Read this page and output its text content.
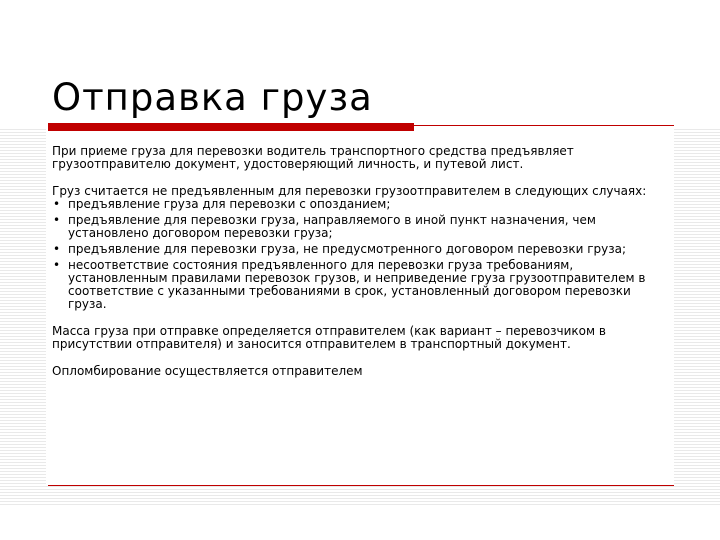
Отправка груза

При приеме груза для перевозки водитель транспортного средства предъявляет грузоотправителю документ, удостоверяющий личность, и путевой лист.

Груз считается не предъявленным для перевозки грузоотправителем в следующих случаях:

• предъявление груза для перевозки с опозданием;
• предъявление для перевозки груза, направляемого в иной пункт назначения, чем установлено договором перевозки груза;
• предъявление для перевозки груза, не предусмотренного договором перевозки груза;
• несоответствие состояния предъявленного для перевозки груза требованиям, установленным правилами перевозок грузов, и неприведение груза грузоотправителем в соответствие с указанными требованиями в срок, установленный договором перевозки груза.

Масса груза при отправке определяется отправителем (как вариант – перевозчиком в присутствии отправителя) и заносится отправителем в транспортный документ.

Опломбирование осуществляется отправителем
